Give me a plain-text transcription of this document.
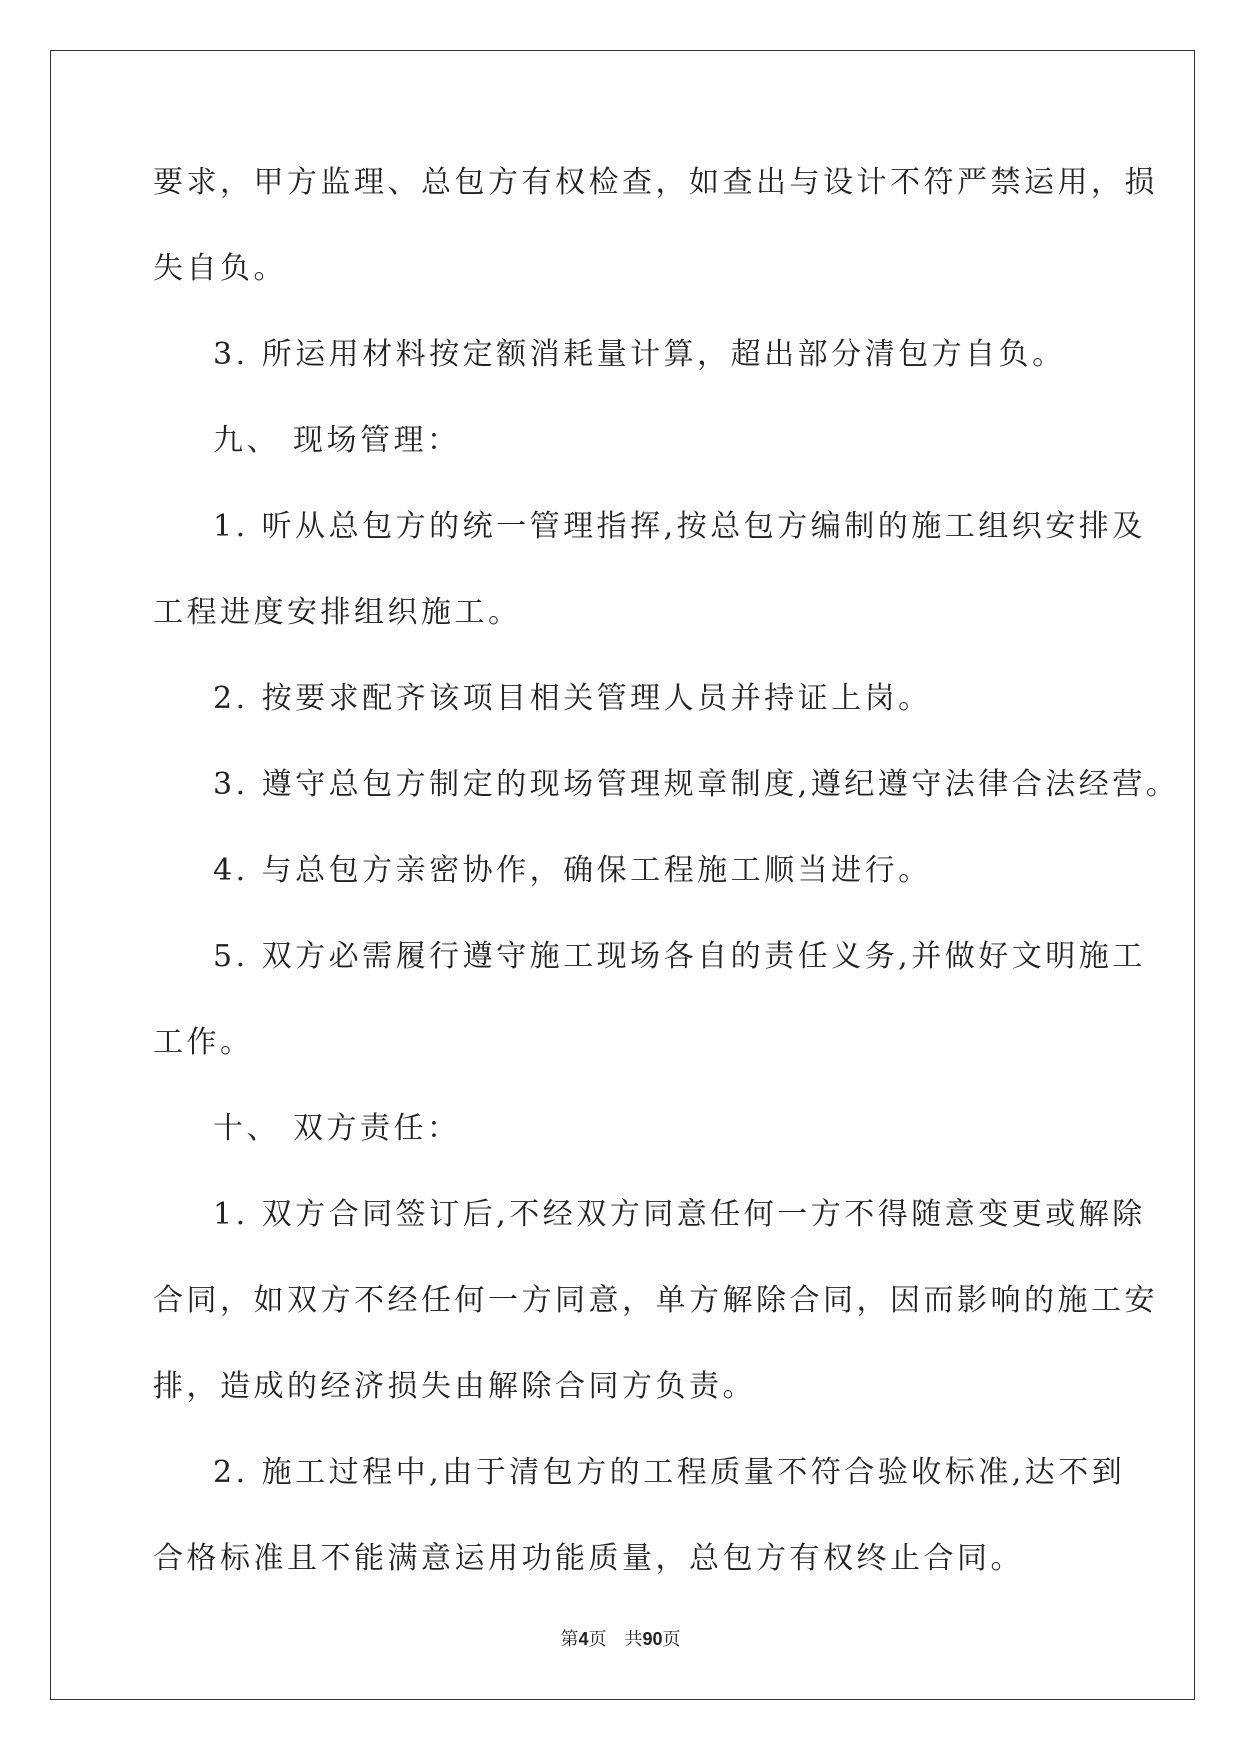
要求，甲方监理、总包方有权检查，如查出与设计不符严禁运用，损
失自负。
3. 所运用材料按定额消耗量计算，超出部分清包方自负。
九、 现场管理：
1. 听从总包方的统一管理指挥,按总包方编制的施工组织安排及
工程进度安排组织施工。
2. 按要求配齐该项目相关管理人员并持证上岗。
3. 遵守总包方制定的现场管理规章制度,遵纪遵守法律合法经营。
4. 与总包方亲密协作，确保工程施工顺当进行。
5. 双方必需履行遵守施工现场各自的责任义务,并做好文明施工
工作。
十、 双方责任：
1. 双方合同签订后,不经双方同意任何一方不得随意变更或解除
合同，如双方不经任何一方同意，单方解除合同，因而影响的施工安
排，造成的经济损失由解除合同方负责。
2. 施工过程中,由于清包方的工程质量不符合验收标准,达不到
合格标准且不能满意运用功能质量，总包方有权终止合同。
第4页 共90页
